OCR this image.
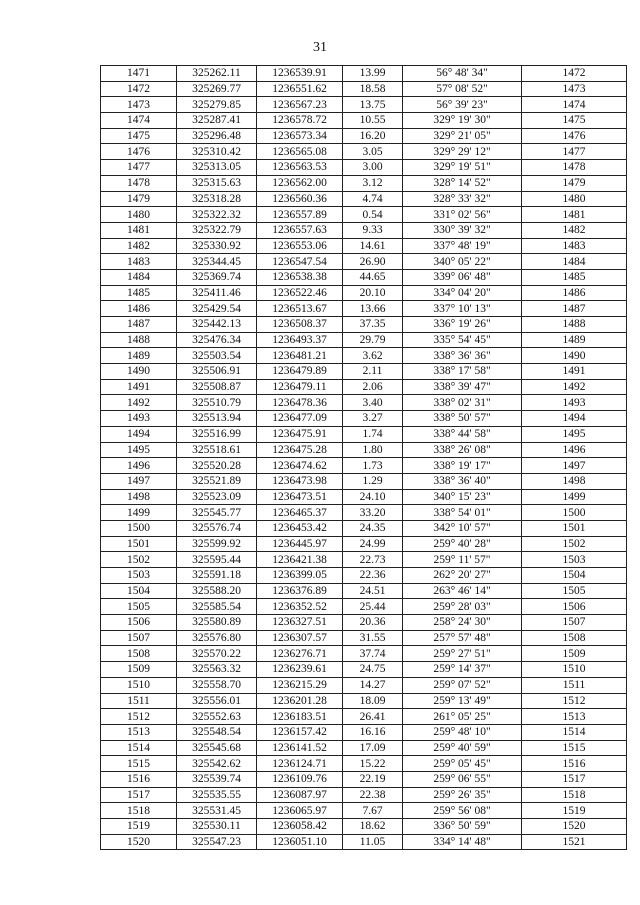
31
1471	325262.11	1236539.91	13.99	56° 48' 34"	1472
1472	325269.77	1236551.62	18.58	57° 08' 52"	1473
1473	325279.85	1236567.23	13.75	56° 39' 23"	1474
1474	325287.41	1236578.72	10.55	329° 19' 30"	1475
1475	325296.48	1236573.34	16.20	329° 21' 05"	1476
1476	325310.42	1236565.08	3.05	329° 29' 12"	1477
1477	325313.05	1236563.53	3.00	329° 19' 51"	1478
1478	325315.63	1236562.00	3.12	328° 14' 52"	1479
1479	325318.28	1236560.36	4.74	328° 33' 32"	1480
1480	325322.32	1236557.89	0.54	331° 02' 56"	1481
1481	325322.79	1236557.63	9.33	330° 39' 32"	1482
1482	325330.92	1236553.06	14.61	337° 48' 19"	1483
1483	325344.45	1236547.54	26.90	340° 05' 22"	1484
1484	325369.74	1236538.38	44.65	339° 06' 48"	1485
1485	325411.46	1236522.46	20.10	334° 04' 20"	1486
1486	325429.54	1236513.67	13.66	337° 10' 13"	1487
1487	325442.13	1236508.37	37.35	336° 19' 26"	1488
1488	325476.34	1236493.37	29.79	335° 54' 45"	1489
1489	325503.54	1236481.21	3.62	338° 36' 36"	1490
1490	325506.91	1236479.89	2.11	338° 17' 58"	1491
1491	325508.87	1236479.11	2.06	338° 39' 47"	1492
1492	325510.79	1236478.36	3.40	338° 02' 31"	1493
1493	325513.94	1236477.09	3.27	338° 50' 57"	1494
1494	325516.99	1236475.91	1.74	338° 44' 58"	1495
1495	325518.61	1236475.28	1.80	338° 26' 08"	1496
1496	325520.28	1236474.62	1.73	338° 19' 17"	1497
1497	325521.89	1236473.98	1.29	338° 36' 40"	1498
1498	325523.09	1236473.51	24.10	340° 15' 23"	1499
1499	325545.77	1236465.37	33.20	338° 54' 01"	1500
1500	325576.74	1236453.42	24.35	342° 10' 57"	1501
1501	325599.92	1236445.97	24.99	259° 40' 28"	1502
1502	325595.44	1236421.38	22.73	259° 11' 57"	1503
1503	325591.18	1236399.05	22.36	262° 20' 27"	1504
1504	325588.20	1236376.89	24.51	263° 46' 14"	1505
1505	325585.54	1236352.52	25.44	259° 28' 03"	1506
1506	325580.89	1236327.51	20.36	258° 24' 30"	1507
1507	325576.80	1236307.57	31.55	257° 57' 48"	1508
1508	325570.22	1236276.71	37.74	259° 27' 51"	1509
1509	325563.32	1236239.61	24.75	259° 14' 37"	1510
1510	325558.70	1236215.29	14.27	259° 07' 52"	1511
1511	325556.01	1236201.28	18.09	259° 13' 49"	1512
1512	325552.63	1236183.51	26.41	261° 05' 25"	1513
1513	325548.54	1236157.42	16.16	259° 48' 10"	1514
1514	325545.68	1236141.52	17.09	259° 40' 59"	1515
1515	325542.62	1236124.71	15.22	259° 05' 45"	1516
1516	325539.74	1236109.76	22.19	259° 06' 55"	1517
1517	325535.55	1236087.97	22.38	259° 26' 35"	1518
1518	325531.45	1236065.97	7.67	259° 56' 08"	1519
1519	325530.11	1236058.42	18.62	336° 50' 59"	1520
1520	325547.23	1236051.10	11.05	334° 14' 48"	1521
